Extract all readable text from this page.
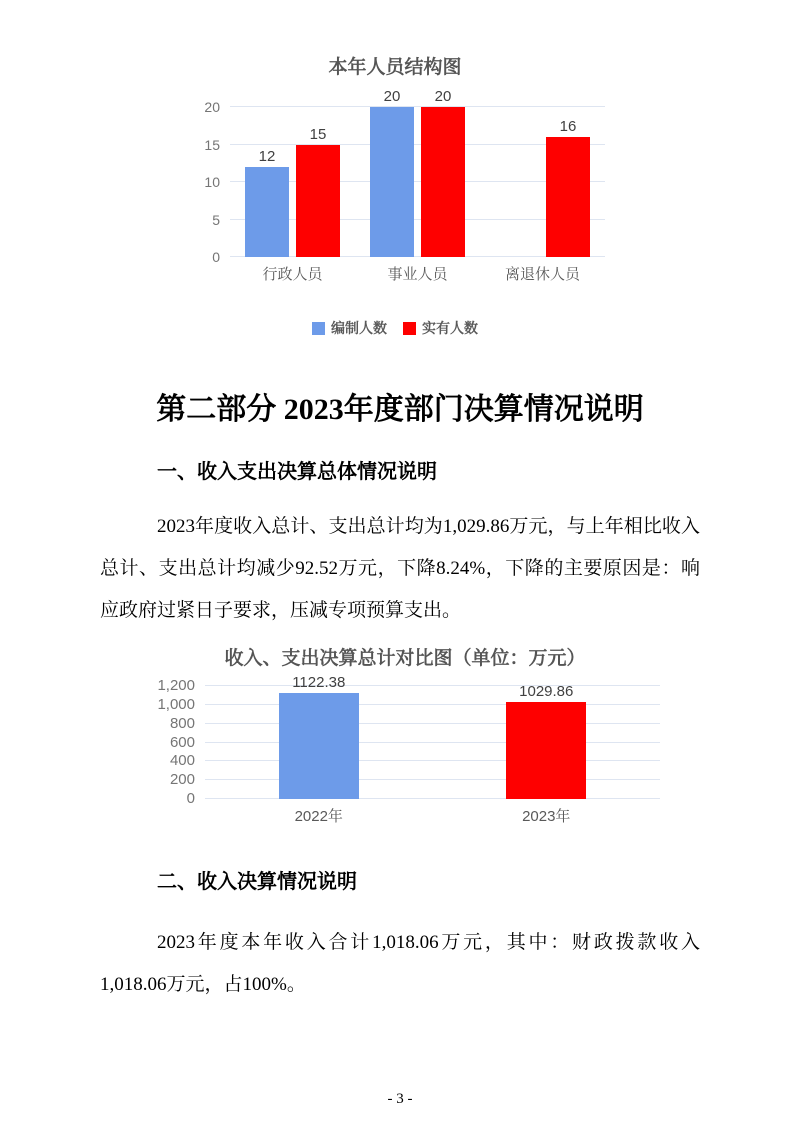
本年人员结构图
0
5
10
15
20
12
15
20 20
16
行政人员	事业人员	离退休人员
编制人数	实有人数
第二部分 2023年度部门决算情况说明
一、收入支出决算总体情况说明

2023年度收入总计、支出总计均为1,029.86万元，与上年相比收入总计、支出总计均减少92.52万元，下降8.24%，下降的主要原因是：响应政府过紧日子要求，压减专项预算支出。

收入、支出决算总计对比图（单位：万元）
0
200
400
600
800
1,000
1,200	1122.38
1029.86
2022年	2023年
二、收入决算情况说明

2023年度本年收入合计1,018.06万元，其中：财政拨款收入1,018.06万元，占100%。

- 3 -
